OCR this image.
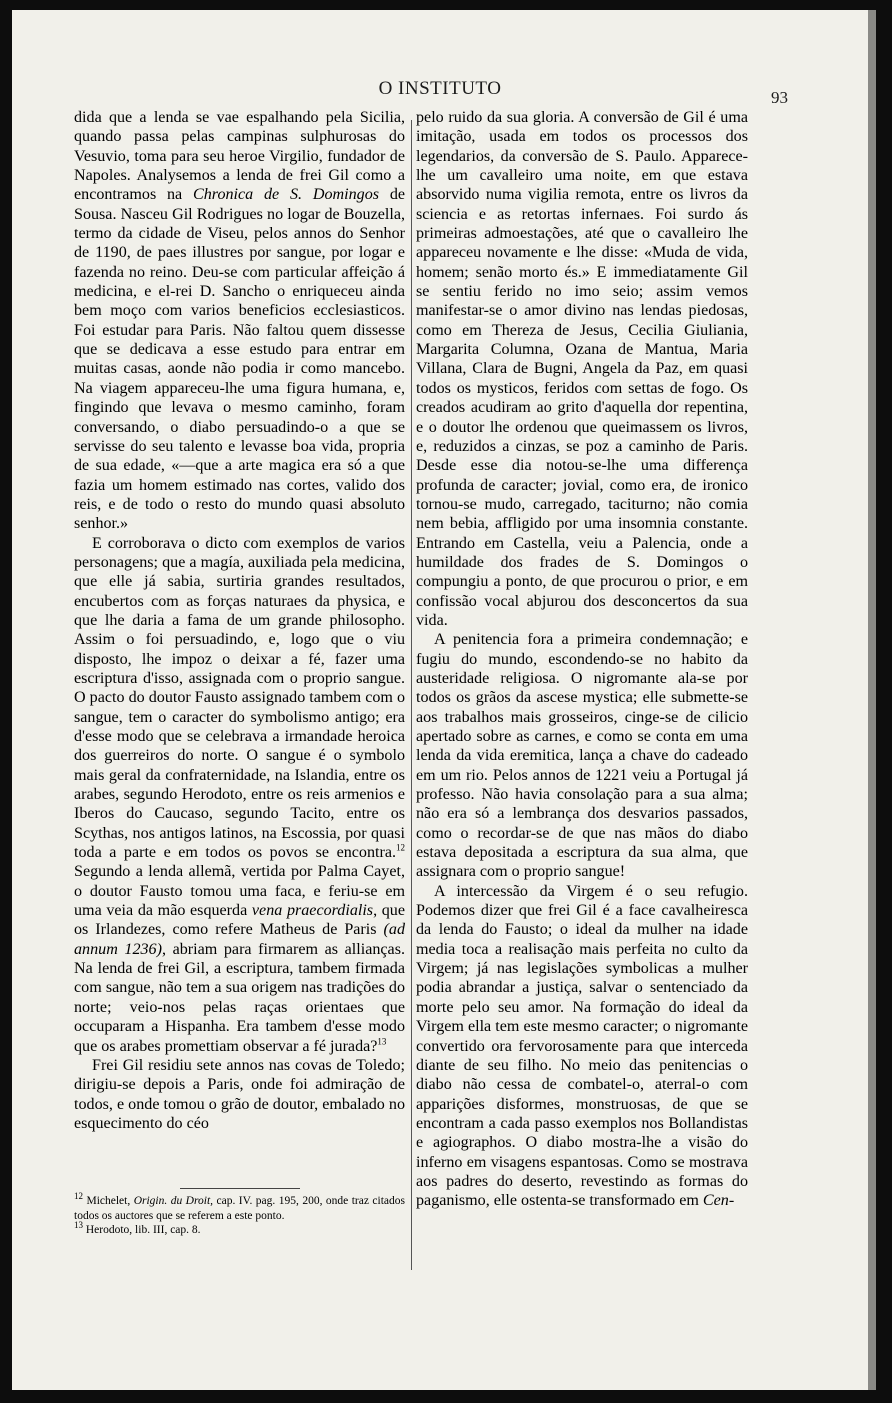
O INSTITUTO	93

dida que a lenda se vae espalhando pela Sicilia, quando passa pelas campinas sulphurosas do Vesuvio, toma para seu heroe Virgilio, fundador de Napoles. Analysemos a lenda de frei Gil como a encontramos na Chronica de S. Domingos de Sousa. Nasceu Gil Rodrigues no logar de Bouzella, termo da cidade de Viseu, pelos annos do Senhor de 1190, de paes illustres por sangue, por logar e fazenda no reino. Deu-se com particular affeição á medicina, e el-rei D. Sancho o enriqueceu ainda bem moço com varios beneficios ecclesiasticos. Foi estudar para Paris. Não faltou quem dissesse que se dedicava a esse estudo para entrar em muitas casas, aonde não podia ir como mancebo. Na viagem appareceu-lhe uma figura humana, e, fingindo que levava o mesmo caminho, foram conversando, o diabo persuadindo-o a que se servisse do seu talento e levasse boa vida, propria de sua edade, «—que a arte magica era só a que fazia um homem estimado nas cortes, valido dos reis, e de todo o resto do mundo quasi absoluto senhor.»

E corroborava o dicto com exemplos de varios personagens; que a magía, auxiliada pela medicina, que elle já sabia, surtiria grandes resultados, encubertos com as forças naturaes da physica, e que lhe daria a fama de um grande philosopho. Assim o foi persuadindo, e, logo que o viu disposto, lhe impoz o deixar a fé, fazer uma escriptura d'isso, assignada com o proprio sangue. O pacto do doutor Fausto assignado tambem com o sangue, tem o caracter do symbolismo antigo; era d'esse modo que se celebrava a irmandade heroica dos guerreiros do norte. O sangue é o symbolo mais geral da confraternidade, na Islandia, entre os arabes, segundo Herodoto, entre os reis armenios e Iberos do Caucaso, segundo Tacito, entre os Scythas, nos antigos latinos, na Escossia, por quasi toda a parte e em todos os povos se encontra.$^{12}$ Segundo a lenda allemã, vertida por Palma Cayet, o doutor Fausto tomou uma faca, e feriu-se em uma veia da mão esquerda vena praecordialis, que os Irlandezes, como refere Matheus de Paris (ad annum 1236), abriam para firmarem as allianças. Na lenda de frei Gil, a escriptura, tambem firmada com sangue, não tem a sua origem nas tradições do norte; veio-nos pelas raças orientaes que occuparam a Hispanha. Era tambem d'esse modo que os arabes promettiam observar a fé jurada?$^{13}$

Frei Gil residiu sete annos nas covas de Toledo; dirigiu-se depois a Paris, onde foi admiração de todos, e onde tomou o grão de doutor, embalado no esquecimento do céo

pelo ruido da sua gloria. A conversão de Gil é uma imitação, usada em todos os processos dos legendarios, da conversão de S. Paulo. Apparece-lhe um cavalleiro uma noite, em que estava absorvido numa vigilia remota, entre os livros da sciencia e as retortas infernaes. Foi surdo ás primeiras admoestações, até que o cavalleiro lhe appareceu novamente e lhe disse: «Muda de vida, homem; senão morto és.» E immediatamente Gil se sentiu ferido no imo seio; assim vemos manifestar-se o amor divino nas lendas piedosas, como em Thereza de Jesus, Cecilia Giuliania, Margarita Columna, Ozana de Mantua, Maria Villana, Clara de Bugni, Angela da Paz, em quasi todos os mysticos, feridos com settas de fogo. Os creados acudiram ao grito d'aquella dor repentina, e o doutor lhe ordenou que queimassem os livros, e, reduzidos a cinzas, se poz a caminho de Paris. Desde esse dia notou-se-lhe uma differença profunda de caracter; jovial, como era, de ironico tornou-se mudo, carregado, taciturno; não comia nem bebia, affligido por uma insomnia constante. Entrando em Castella, veiu a Palencia, onde a humildade dos frades de S. Domingos o compungiu a ponto, de que procurou o prior, e em confissão vocal abjurou dos desconcertos da sua vida.

A penitencia fora a primeira condemnação; e fugiu do mundo, escondendo-se no habito da austeridade religiosa. O nigromante ala-se por todos os grãos da ascese mystica; elle submette-se aos trabalhos mais grosseiros, cinge-se de cilicio apertado sobre as carnes, e como se conta em uma lenda da vida eremitica, lança a chave do cadeado em um rio. Pelos annos de 1221 veiu a Portugal já professo. Não havia consolação para a sua alma; não era só a lembrança dos desvarios passados, como o recordar-se de que nas mãos do diabo estava depositada a escriptura da sua alma, que assignara com o proprio sangue!

A intercessão da Virgem é o seu refugio. Podemos dizer que frei Gil é a face cavalheiresca da lenda do Fausto; o ideal da mulher na idade media toca a realisação mais perfeita no culto da Virgem; já nas legislações symbolicas a mulher podia abrandar a justiça, salvar o sentenciado da morte pelo seu amor. Na formação do ideal da Virgem ella tem este mesmo caracter; o nigromante convertido ora fervorosamente para que interceda diante de seu filho. No meio das penitencias o diabo não cessa de combatel-o, aterral-o com apparições disformes, monstruosas, de que se encontram a cada passo exemplos nos Bollandistas e agiographos. O diabo mostra-lhe a visão do inferno em visagens espantosas. Como se mostrava aos padres do deserto, revestindo as formas do paganismo, elle ostenta-se transformado em Cen-

$^{12}$ Michelet, Origin. du Droit, cap. IV. pag. 195, 200, onde traz citados todos os auctores que se referem a este ponto.

$^{13}$ Herodoto, lib. III, cap. 8.
